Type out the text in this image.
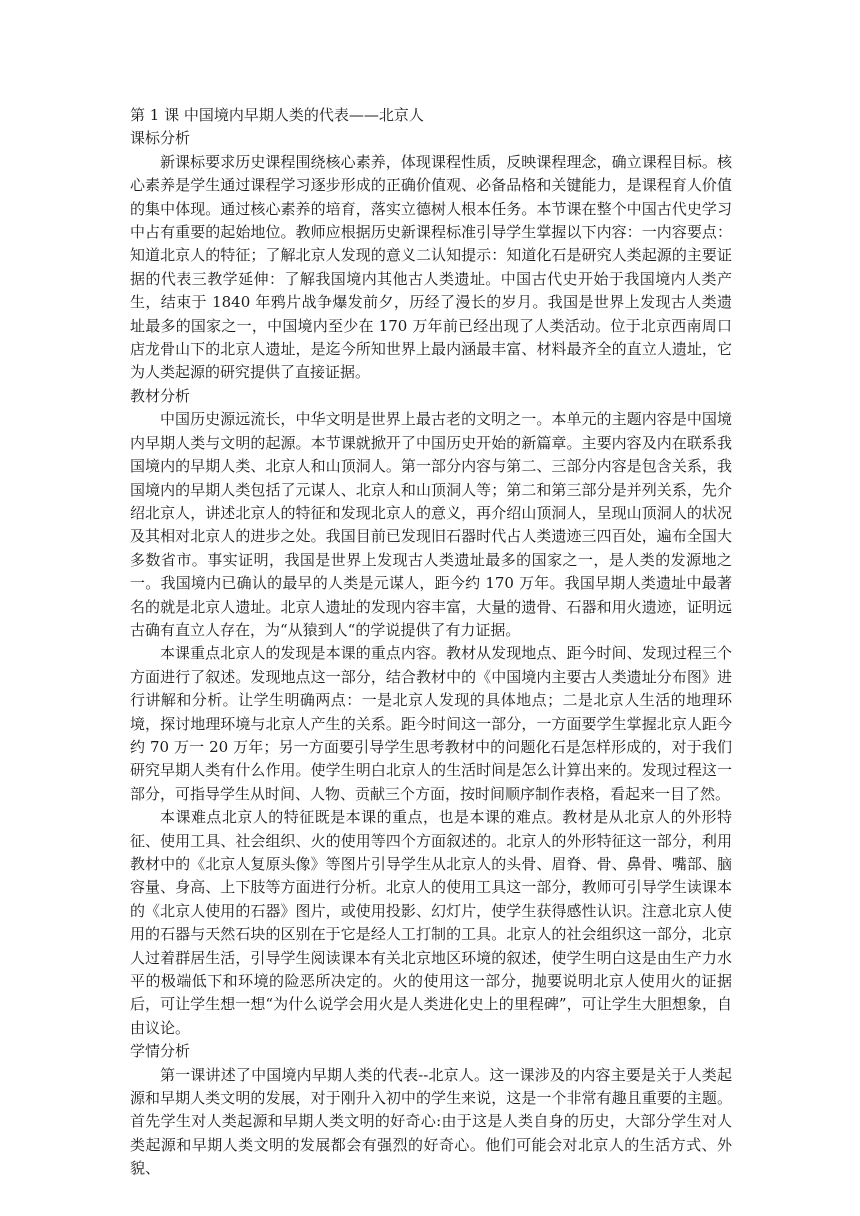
第 1 课 中国境内早期人类的代表——北京人
课标分析

新课标要求历史课程围绕核心素养，体现课程性质，反映课程理念，确立课程目标。核心素养是学生通过课程学习逐步形成的正确价值观、必备品格和关键能力，是课程育人价值的集中体现。通过核心素养的培育，落实立德树人根本任务。本节课在整个中国古代史学习中占有重要的起始地位。教师应根据历史新课程标准引导学生掌握以下内容：一内容要点：知道北京人的特征；了解北京人发现的意义二认知提示：知道化石是研究人类起源的主要证据的代表三教学延伸：了解我国境内其他古人类遗址。中国古代史开始于我国境内人类产生，结束于 1840 年鸦片战争爆发前夕，历经了漫长的岁月。我国是世界上发现古人类遗址最多的国家之一，中国境内至少在 170 万年前已经出现了人类活动。位于北京西南周口店龙骨山下的北京人遗址，是迄今所知世界上最内涵最丰富、材料最齐全的直立人遗址，它为人类起源的研究提供了直接证据。

教材分析

中国历史源远流长，中华文明是世界上最古老的文明之一。本单元的主题内容是中国境内早期人类与文明的起源。本节课就掀开了中国历史开始的新篇章。主要内容及内在联系我国境内的早期人类、北京人和山顶洞人。第一部分内容与第二、三部分内容是包含关系，我国境内的早期人类包括了元谋人、北京人和山顶洞人等；第二和第三部分是并列关系，先介绍北京人，讲述北京人的特征和发现北京人的意义，再介绍山顶洞人，呈现山顶洞人的状况及其相对北京人的进步之处。我国目前已发现旧石器时代占人类遗迹三四百处，遍布全国大多数省市。事实证明，我国是世界上发现古人类遗址最多的国家之一，是人类的发源地之一。我国境内已确认的最早的人类是元谋人，距今约 170 万年。我国早期人类遗址中最著名的就是北京人遗址。北京人遗址的发现内容丰富，大量的遗骨、石器和用火遗迹，证明远古确有直立人存在，为“从猿到人“的学说提供了有力证据。

本课重点北京人的发现是本课的重点内容。教材从发现地点、距今时间、发现过程三个方面进行了叙述。发现地点这一部分，结合教材中的《中国境内主要古人类遗址分布图》进行讲解和分析。让学生明确两点：一是北京人发现的具体地点；二是北京人生活的地理环境，探讨地理环境与北京人产生的关系。距今时间这一部分，一方面要学生掌握北京人距今约 70 万一 20 万年；另一方面要引导学生思考教材中的问题化石是怎样形成的，对于我们研究早期人类有什么作用。使学生明白北京人的生活时间是怎么计算出来的。发现过程这一部分，可指导学生从时间、人物、贡献三个方面，按时间顺序制作表格，看起来一目了然。

本课难点北京人的特征既是本课的重点，也是本课的难点。教材是从北京人的外形特征、使用工具、社会组织、火的使用等四个方面叙述的。北京人的外形特征这一部分，利用教材中的《北京人复原头像》等图片引导学生从北京人的头骨、眉脊、骨、鼻骨、嘴部、脑容量、身高、上下肢等方面进行分析。北京人的使用工具这一部分，教师可引导学生读课本的《北京人使用的石器》图片，或使用投影、幻灯片，使学生获得感性认识。注意北京人使用的石器与天然石块的区别在于它是经人工打制的工具。北京人的社会组织这一部分，北京人过着群居生活，引导学生阅读课本有关北京地区环境的叙述，使学生明白这是由生产力水平的极端低下和环境的险恶所决定的。火的使用这一部分，抛要说明北京人使用火的证据后，可让学生想一想“为什么说学会用火是人类进化史上的里程碑”，可让学生大胆想象，自由议论。

学情分析

第一课讲述了中国境内早期人类的代表--北京人。这一课涉及的内容主要是关于人类起源和早期人类文明的发展，对于刚升入初中的学生来说，这是一个非常有趣且重要的主题。首先学生对人类起源和早期人类文明的好奇心:由于这是人类自身的历史，大部分学生对人类起源和早期人类文明的发展都会有强烈的好奇心。他们可能会对北京人的生活方式、外貌、
